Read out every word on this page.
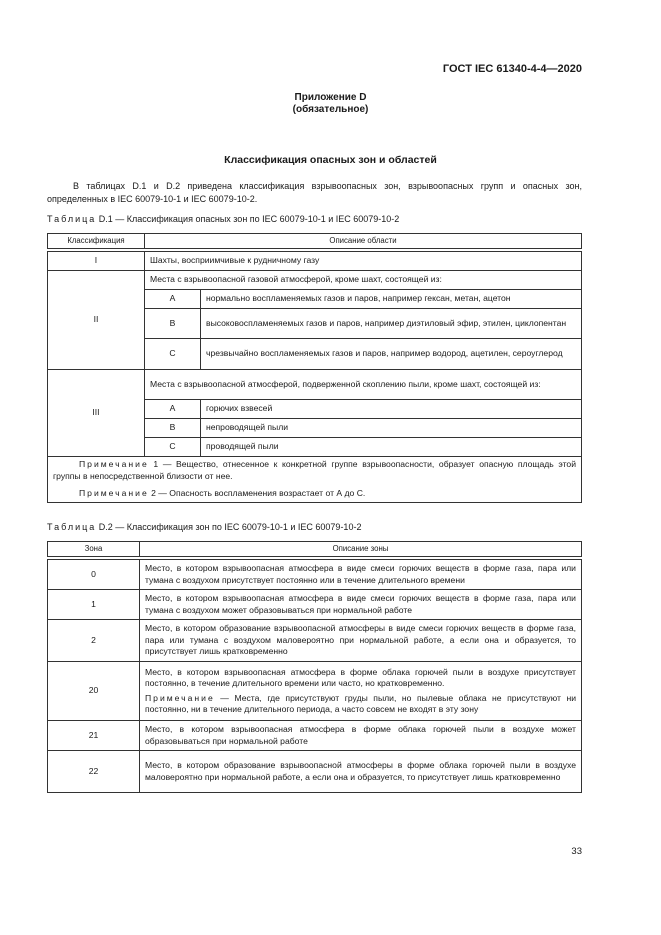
ГОСТ IEC 61340-4-4—2020
Приложение D
(обязательное)
Классификация опасных зон и областей
В таблицах D.1 и D.2 приведена классификация взрывоопасных зон, взрывоопасных групп и опасных зон, определенных в IEC 60079-10-1 и IEC 60079-10-2.
Таблица D.1 — Классификация опасных зон по IEC 60079-10-1 и IEC 60079-10-2
Классификация	Описание области	

I	Шахты, восприимчивые к рудничному газу	
II	Места с взрывоопасной газовой атмосферой, кроме шахт, состоящей из:	
	A	нормально воспламеняемых газов и паров, например гексан, метан, ацетон
	B	высоковоспламеняемых газов и паров, например диэтиловый эфир, этилен, циклопентан
	C	чрезвычайно воспламеняемых газов и паров, например водород, ацетилен, сероуглерод
III	Места с взрывоопасной атмосферой, подверженной скоплению пыли, кроме шахт, состоящей из:	
	A	горючих взвесей
	B	непроводящей пыли
	C	проводящей пыли

Примечание 1 — Вещество, отнесенное к конкретной группе взрывоопасности, образует опасную площадь этой группы в непосредственной близости от нее.

Примечание 2 — Опасность воспламенения возрастает от А до С.		

Таблица D.2 — Классификация зон по IEC 60079-10-1 и IEC 60079-10-2
Зона	Описание зоны

0	Место, в котором взрывоопасная атмосфера в виде смеси горючих веществ в форме газа, пара или тумана с воздухом присутствует постоянно или в течение длительного времени
1	Место, в котором взрывоопасная атмосфера в виде смеси горючих веществ в форме газа, пара или тумана с воздухом может образовываться при нормальной работе
2	Место, в котором образование взрывоопасной атмосферы в виде смеси горючих веществ в форме газа, пара или тумана с воздухом маловероятно при нормальной работе, а если она и образуется, то присутствует лишь кратковременно
20	Место, в котором взрывоопасная атмосфера в форме облака горючей пыли в воздухе присутствует постоянно, в течение длительного времени или часто, но кратковременно.
Примечание — Места, где присутствуют груды пыли, но пылевые облака не присутствуют ни постоянно, ни в течение длительного периода, а часто совсем не входят в эту зону

21	Место, в котором взрывоопасная атмосфера в форме облака горючей пыли в воздухе может образовываться при нормальной работе
22	Место, в котором образование взрывоопасной атмосферы в форме облака горючей пыли в воздухе маловероятно при нормальной работе, а если она и образуется, то присутствует лишь кратковременно
33
